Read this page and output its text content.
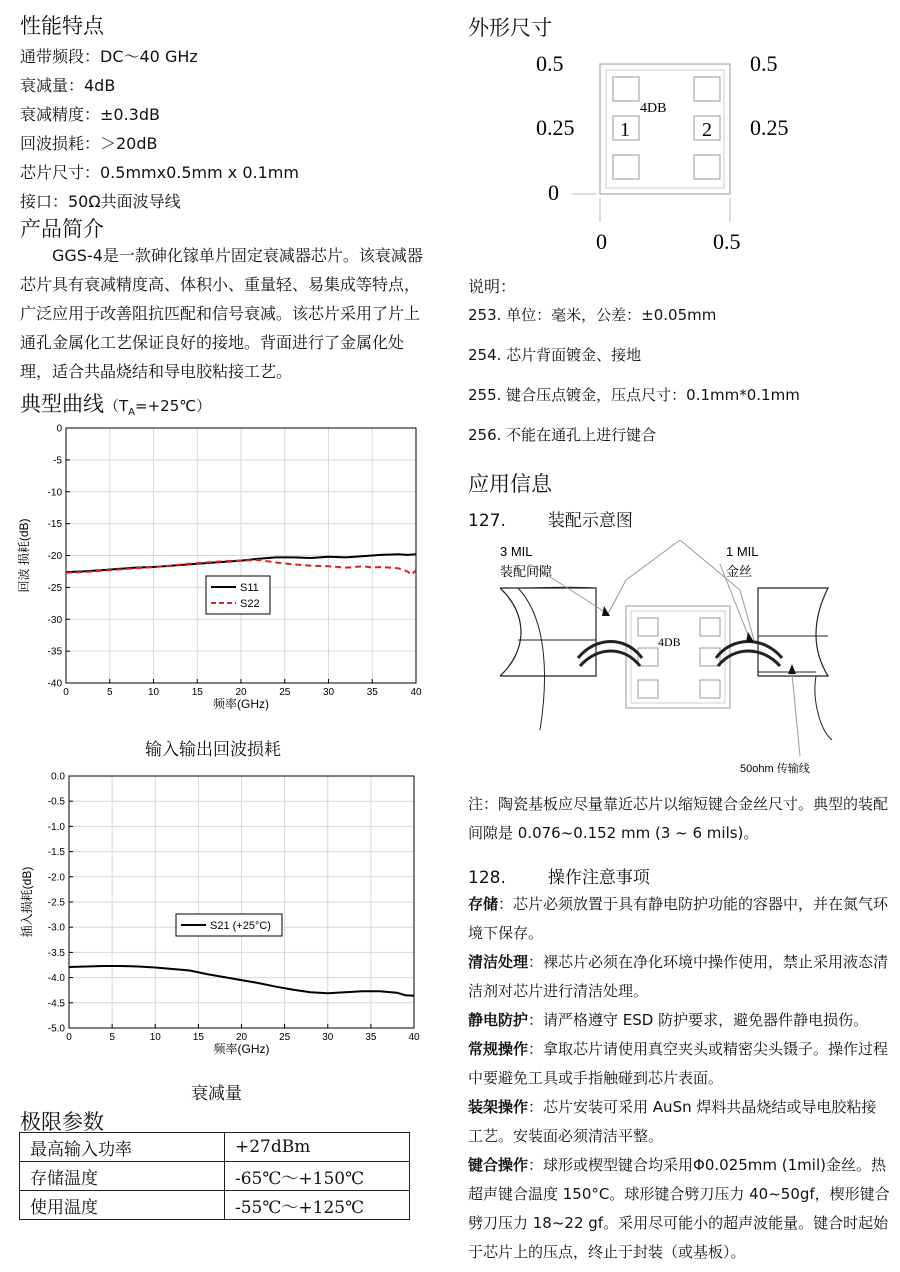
性能特点
通带频段：DC～40 GHz
衰减量：4dB
衰减精度：±0.3dB
回波损耗：＞20dB
芯片尺寸：0.5mmx0.5mm x 0.1mm
接口：50Ω共面波导线
产品简介
GGS-4是一款砷化镓单片固定衰减器芯片。该衰减器芯片具有衰减精度高、体积小、重量轻、易集成等特点，广泛应用于改善阻抗匹配和信号衰减。该芯片采用了片上通孔金属化工艺保证良好的接地。背面进行了金属化处理，适合共晶烧结和导电胶粘接工艺。
典型曲线$(T_A=+25℃)$
0	5	10	15	20	25	30	35	40
0
-5
-10
-15
-20
-25
-30
-35
-40
频率(GHz)
回波 损耗(dB)	S11
S22
输入输出回波损耗
0	5	10	15	20	25	30	35	40
0.0
-0.5
-1.0
-1.5
-2.0
-2.5
-3.0
-3.5
-4.0
-4.5
-5.0
频率(GHz)
插入损耗(dB)	S21 (+25°C)
衰减量
极限参数
最高输入功率	+27dBm
存储温度	-65℃～+150℃
使用温度	-55℃～+125℃
外形尺寸
0.5	0.5
0.25	0.25
0
0	0.5
4DB
1	2
说明：
253. 单位：毫米，公差：±0.05mm
254. 芯片背面镀金、接地
255. 键合压点镀金，压点尺寸：0.1mm*0.1mm
256. 不能在通孔上进行键合
应用信息
127. 装配示意图
4DB
3 MIL
装配间隙
1 MIL
金丝
50ohm 传输线
注：陶瓷基板应尽量靠近芯片以缩短键合金丝尺寸。典型的装配间隙是 0.076~0.152 mm (3 ~ 6 mils)。
128. 操作注意事项
存储：芯片必须放置于具有静电防护功能的容器中，并在氮气环境下保存。
清洁处理：裸芯片必须在净化环境中操作使用，禁止采用液态清洁剂对芯片进行清洁处理。
静电防护：请严格遵守 ESD 防护要求，避免器件静电损伤。
常规操作：拿取芯片请使用真空夹头或精密尖头镊子。操作过程中要避免工具或手指触碰到芯片表面。
装架操作：芯片安装可采用 AuSn 焊料共晶烧结或导电胶粘接工艺。安装面必须清洁平整。
键合操作：球形或楔型键合均采用Φ0.025mm (1mil)金丝。热超声键合温度 150°C。球形键合劈刀压力 40~50gf，楔形键合劈刀压力 18~22 gf。采用尽可能小的超声波能量。键合时起始于芯片上的压点，终止于封装（或基板）。
